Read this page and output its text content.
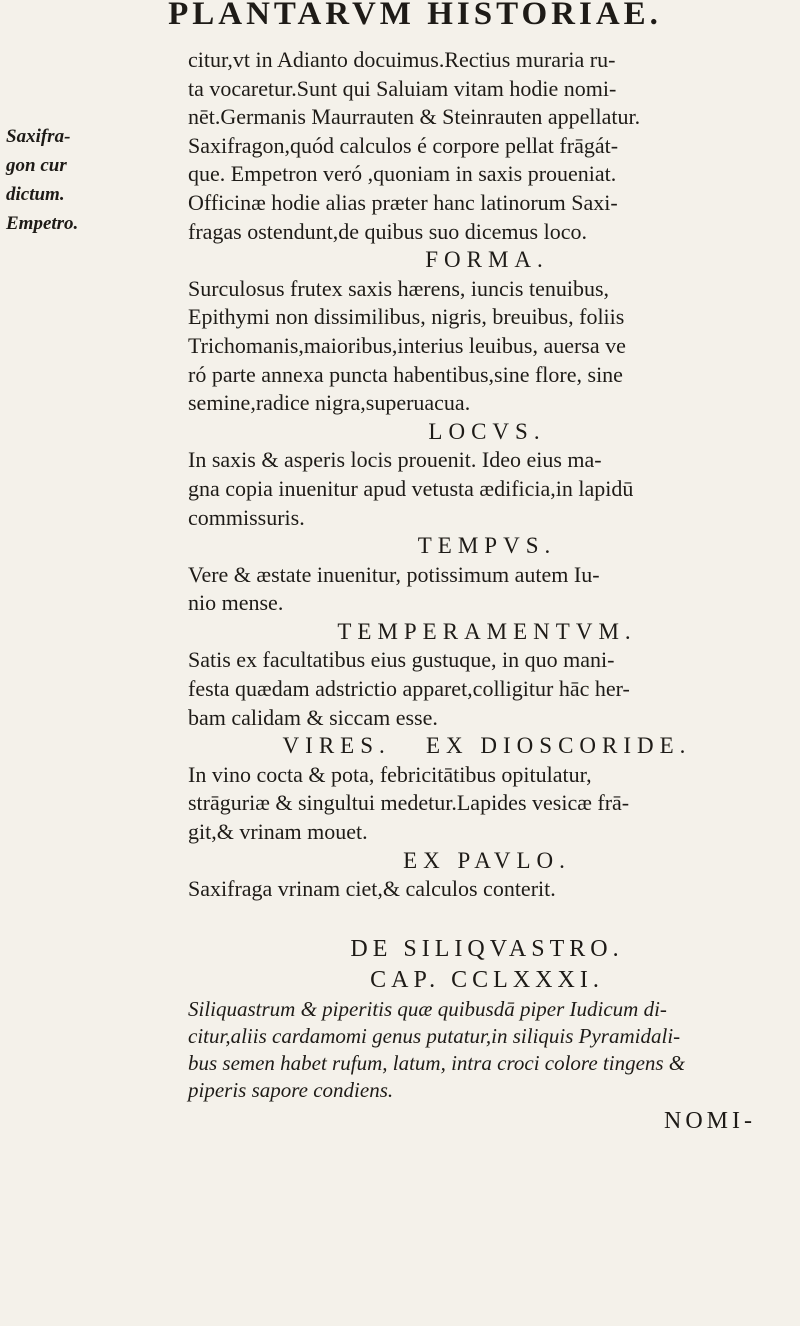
PLANTARVM HISTORIAE.
Saxifra-
gon cur
dictum.
Empetro.
citur,vt in Adianto docuimus.Rectius muraria ru-
ta vocaretur.Sunt qui Saluiam vitam hodie nomi-
nēt.Germanis Maurrauten & Steinrauten appellatur.
Saxifragon,quód calculos é corpore pellat frāgát-
que. Empetron veró ,quoniam in saxis proueniat.
Officinæ hodie alias præter hanc latinorum Saxi-
fragas ostendunt,de quibus suo dicemus loco.
FORMA.
Surculosus frutex saxis hærens, iuncis tenuibus,
Epithymi non dissimilibus, nigris, breuibus, foliis
Trichomanis,maioribus,interius leuibus, auersa ve
ró parte annexa puncta habentibus,sine flore, sine
semine,radice nigra,superuacua.
LOCVS.
In saxis & asperis locis prouenit. Ideo eius ma-
gna copia inuenitur apud vetusta ædificia,in lapidū
commissuris.
TEMPVS.
Vere & æstate inuenitur, potissimum autem Iu-
nio mense.
TEMPERAMENTVM.
Satis ex facultatibus eius gustuque, in quo mani-
festa quædam adstrictio apparet,colligitur hāc her-
bam calidam & siccam esse.
VIRES.   EX DIOSCORIDE.
In vino cocta & pota, febricitātibus opitulatur,
strāguriæ & singultui medetur.Lapides vesicæ frā-
git,& vrinam mouet.
EX PAVLO.
Saxifraga vrinam ciet,& calculos conterit.
DE SILIQVASTRO.
CAP. CCLXXXI.
Siliquastrum & piperitis quæ quibusdā piper Iudicum di-
citur,aliis cardamomi genus putatur,in siliquis Pyramidali-
bus semen habet rufum, latum, intra croci colore tingens &
piperis sapore condiens.
NOMI-
